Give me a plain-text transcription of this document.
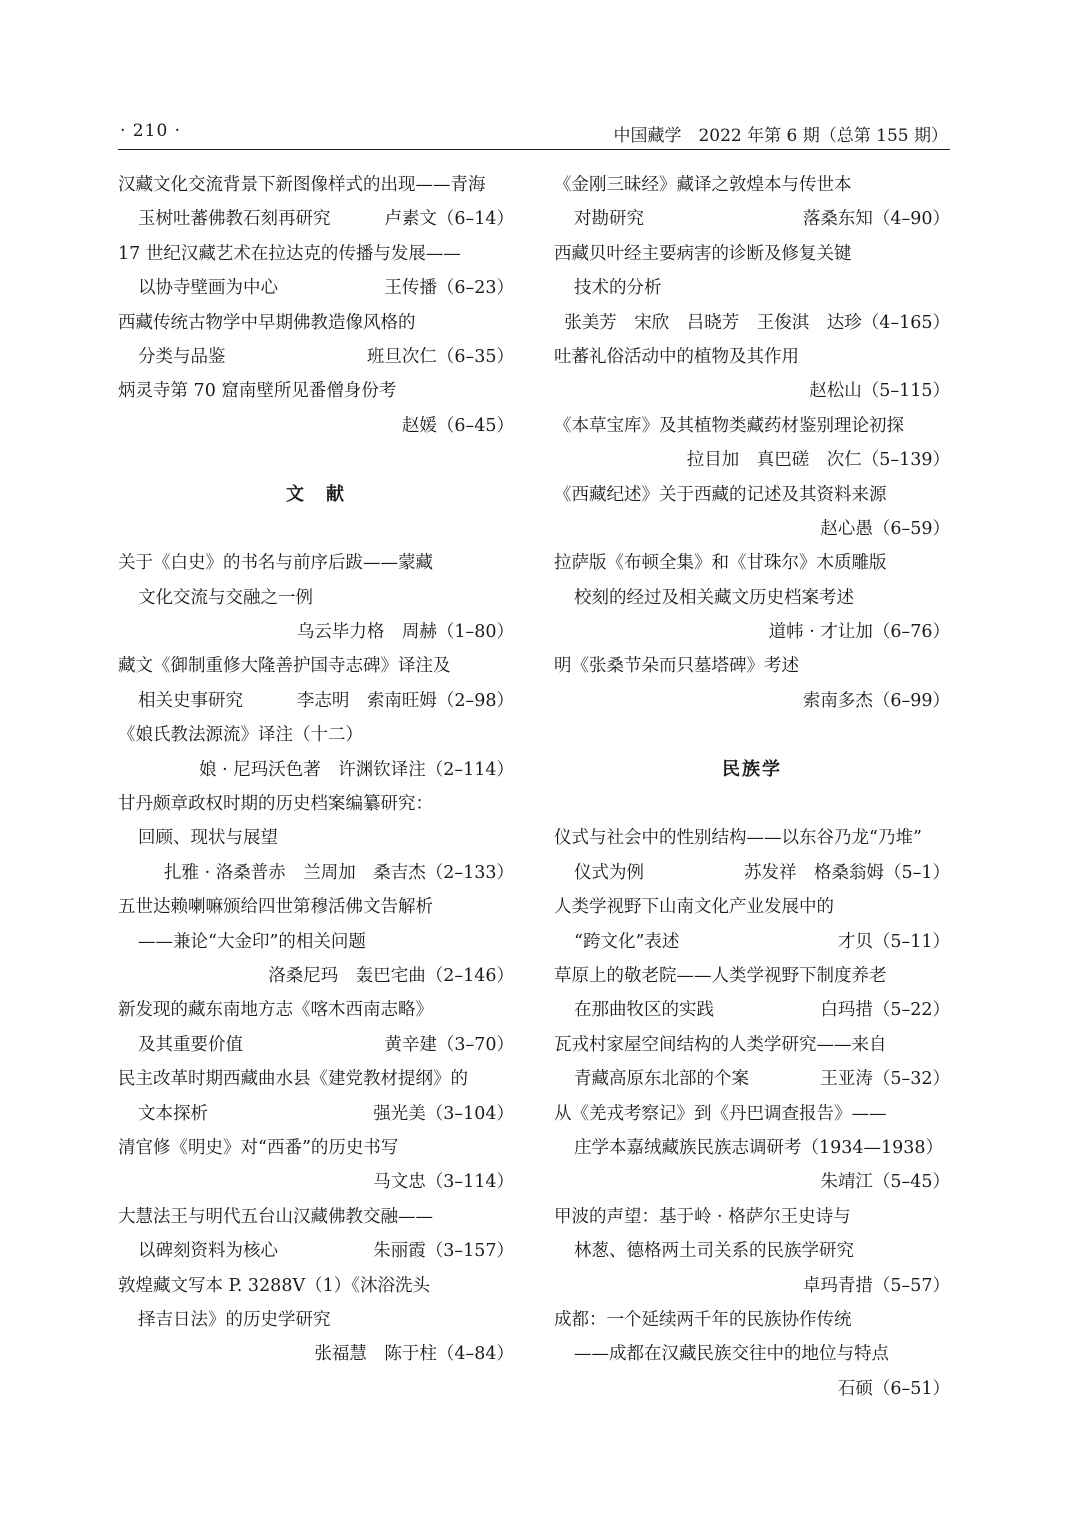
· 210 ·	中国藏学　2022 年第 6 期（总第 155 期）
汉藏文化交流背景下新图像样式的出现——青海
玉树吐蕃佛教石刻再研究	卢素文（6–14）
17 世纪汉藏艺术在拉达克的传播与发展——
以协寺壁画为中心	王传播（6–23）
西藏传统古物学中早期佛教造像风格的
分类与品鉴	班旦次仁（6–35）
炳灵寺第 70 窟南壁所见番僧身份考
赵媛（6–45）
文　献
关于《白史》的书名与前序后跋——蒙藏
文化交流与交融之一例
乌云毕力格　周赫（1–80）
藏文《御制重修大隆善护国寺志碑》译注及
相关史事研究	李志明　索南旺姆（2–98）
《娘氏教法源流》译注（十二）
娘 · 尼玛沃色著　许渊钦译注（2–114）
甘丹颇章政权时期的历史档案编纂研究：
回顾、现状与展望
扎雅 · 洛桑普赤　兰周加　桑吉杰（2–133）
五世达赖喇嘛颁给四世第穆活佛文告解析
——兼论“大金印”的相关问题
洛桑尼玛　轰巴宅曲（2–146）
新发现的藏东南地方志《喀木西南志略》
及其重要价值	黄辛建（3–70）
民主改革时期西藏曲水县《建党教材提纲》的
文本探析	强光美（3–104）
清官修《明史》对“西番”的历史书写
马文忠（3–114）
大慧法王与明代五台山汉藏佛教交融——
以碑刻资料为核心	朱丽霞（3–157）
敦煌藏文写本 P. 3288V（1）《沐浴洗头
择吉日法》的历史学研究
张福慧　陈于柱（4–84）
《金刚三昧经》藏译之敦煌本与传世本
对勘研究	落桑东知（4–90）
西藏贝叶经主要病害的诊断及修复关键
技术的分析
张美芳　宋欣　吕晓芳　王俊淇　达珍（4–165）
吐蕃礼俗活动中的植物及其作用
赵松山（5–115）
《本草宝库》及其植物类藏药材鉴别理论初探
拉目加　真巴磋　次仁（5–139）
《西藏纪述》关于西藏的记述及其资料来源
赵心愚（6–59）
拉萨版《布顿全集》和《甘珠尔》木质雕版
校刻的经过及相关藏文历史档案考述
道帏 · 才让加（6–76）
明《张桑节朵而只墓塔碑》考述
索南多杰（6–99）
民族学
仪式与社会中的性别结构——以东谷乃龙“乃堆”
仪式为例	苏发祥　格桑翁姆（5–1）
人类学视野下山南文化产业发展中的
“跨文化”表述	才贝（5–11）
草原上的敬老院——人类学视野下制度养老
在那曲牧区的实践	白玛措（5–22）
瓦戎村家屋空间结构的人类学研究——来自
青藏高原东北部的个案	王亚涛（5–32）
从《羌戎考察记》到《丹巴调查报告》——
庄学本嘉绒藏族民族志调研考（1934—1938）
朱靖江（5–45）
甲波的声望：基于岭 · 格萨尔王史诗与
林葱、德格两土司关系的民族学研究
卓玛青措（5–57）
成都：一个延续两千年的民族协作传统
——成都在汉藏民族交往中的地位与特点
石硕（6–51）
